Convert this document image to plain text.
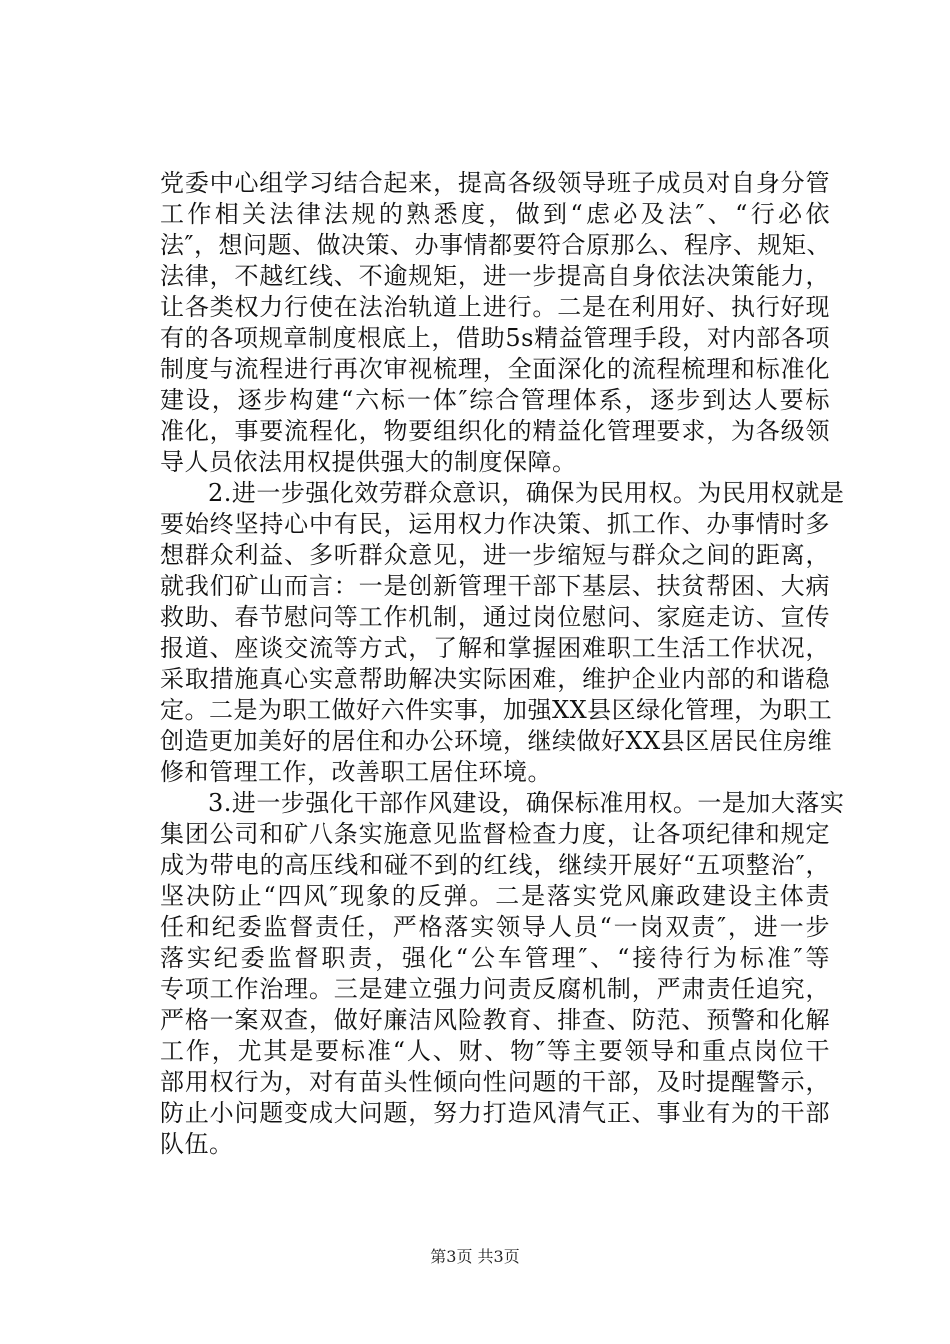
党委中心组学习结合起来，提高各级领导班子成员对自身分管
工作相关法律法规的熟悉度，做到“虑必及法″、“行必依
法″，想问题、做决策、办事情都要符合原那么、程序、规矩、
法律，不越红线、不逾规矩，进一步提高自身依法决策能力，
让各类权力行使在法治轨道上进行。二是在利用好、执行好现
有的各项规章制度根底上，借助5s精益管理手段，对内部各项
制度与流程进行再次审视梳理，全面深化的流程梳理和标准化
建设，逐步构建“六标一体″综合管理体系，逐步到达人要标
准化，事要流程化，物要组织化的精益化管理要求，为各级领
导人员依法用权提供强大的制度保障。
2.进一步强化效劳群众意识，确保为民用权。为民用权就是
要始终坚持心中有民，运用权力作决策、抓工作、办事情时多
想群众利益、多听群众意见，进一步缩短与群众之间的距离，
就我们矿山而言：一是创新管理干部下基层、扶贫帮困、大病
救助、春节慰问等工作机制，通过岗位慰问、家庭走访、宣传
报道、座谈交流等方式，了解和掌握困难职工生活工作状况，
采取措施真心实意帮助解决实际困难，维护企业内部的和谐稳
定。二是为职工做好六件实事，加强XX县区绿化管理，为职工
创造更加美好的居住和办公环境，继续做好XX县区居民住房维
修和管理工作，改善职工居住环境。
3.进一步强化干部作风建设，确保标准用权。一是加大落实
集团公司和矿八条实施意见监督检查力度，让各项纪律和规定
成为带电的高压线和碰不到的红线，继续开展好“五项整治″，
坚决防止“四风″现象的反弹。二是落实党风廉政建设主体责
任和纪委监督责任，严格落实领导人员“一岗双责″，进一步
落实纪委监督职责，强化“公车管理″、“接待行为标准″等
专项工作治理。三是建立强力问责反腐机制，严肃责任追究，
严格一案双查，做好廉洁风险教育、排查、防范、预警和化解
工作，尤其是要标准“人、财、物″等主要领导和重点岗位干
部用权行为，对有苗头性倾向性问题的干部，及时提醒警示，
防止小问题变成大问题，努力打造风清气正、事业有为的干部
队伍。
第3页 共3页
